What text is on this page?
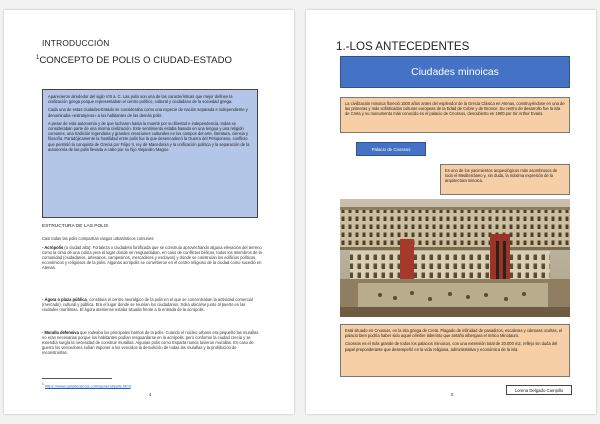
INTRODUCCIÓN
$^1$CONCEPTO DE POLIS O CIUDAD-ESTADO

Aparecieron alrededor del siglo VIII a. C. Las polis son una de las características que mejor definen la civilización griega porque representaban el centro político, cultural y ciudadano de la sociedad griega.

Cada una de estas ciudades-Estado se consideraba como una especie de nación separada e independiente y denominaba «extranjeros» a los habitantes de las demás polis.

A pesar de esta autonomía y de que lucharon hasta la muerte por su libertad e independencia, todas se consideraban parte de una misma civilización. Este sentimiento estaba basado en una lengua y una religión comunes, una tradición legendaria y grandes creaciones culturales en los campos del arte, literatura, ciencia y filosofía. Paradójicamente la hostilidad entre polis fue la que desencadenó la Guerra del Peloponeso, conflicto que permitió la conquista de Grecia por Filipo II, rey de Macedonia y la unificación política y la separación de la autonomía de las polis llevada a cabo por su hijo Alejandro Magno

ESTRUCTURA DE LAS POLIS

Casi todas las polis compartían rasgos urbanísticos comunes:

- Acrópolis (o ciudad alta): Fortaleza o ciudadela fortificada que se construía aprovechando alguna elevación del terreno como la cima de una colina yera el lugar donde se resguardaban, en caso de conflictos bélicos, todos los miembros de la comunidad (ciudadanos, artesanos, campesinos, mercaderes y esclavos) y donde se construían los edificios políticos, económicos y religiosos de la polis. Algunas acrópolis se convirtieron en el centro religioso de la ciudad como sucedió en Atenas.

- Ágora o plaza pública, constituía el centro neurálgico de la polis en el que se concentraban la actividad comercial (mercado), cultural y pública. Era el lugar donde se reunían los ciudadanos. Solía ubicarse junto al puerto en las ciudades marítimas. El ágora ateniense estaba situada frente a la entrada de la acrópolis.

- Muralla defensiva que rodeaba los principales barrios de la polis. Cuando el núcleo urbano era pequeño las murallas no eran necesarias porque los habitantes podían resguardarse en la acrópolis, pero conforme la ciudad crecía y se extendía surgía la necesidad de construir murallas. Algunas polis como Esparta nunca tuvieron murallas. En caso de guerra los vencedores solían imponer a los vencidos la demolición de todas las murallas y la prohibición de reconstruirlas.

$^1$ https://www.guiadegrecia.com/general/polis.html
4
1.-LOS ANTECEDENTES
Ciudades minoicas

La civilización minoica floreció 1500 años antes del esplendor de la Grecia Clásica en Atenas, construyéndose en una de las primeras y más sofisticadas culturas europeas de la Edad de Cobre y de Bronce. Su centro de desarrollo fue la isla de Creta y su monumento más conocido es el palacio de Cnossos, descubierto en 1900 por Sir Arthur Evans.

Palacio de Cnossos

Es uno de los yacimientos arqueológicos más asombrosos de todo el Mediterráneo y, sin duda, la máxima expresión de la arquitectura minoica.

Está situado en Cnossos, en la isla griega de Creta. Plagado de infinidad de pasadizos, escaleras y cámaras ocultas, el palacio bien podría haber sido aquel célebre laberinto que antaño albergara el mítico Minotauro.

Cnossos es el más grande de todos los palacios minoicos, con una extensión total de 20.000 m2, reflejo sin duda del papel preponderante que desempeñó en la vida religiosa, administrativa y económica de la isla.

Lorena Delgado Campillo
5
